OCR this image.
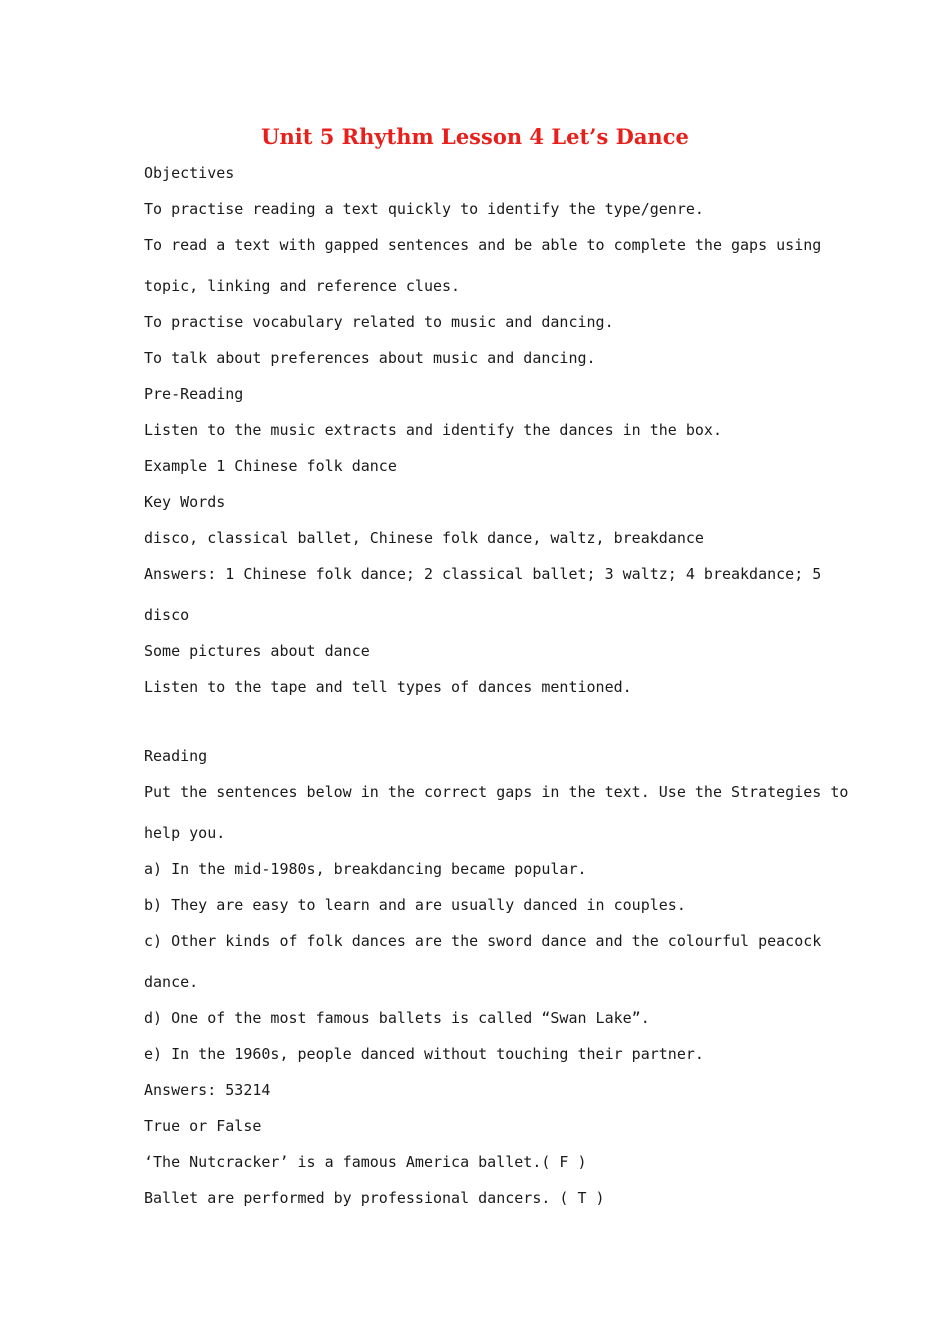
Unit 5 Rhythm Lesson 4 Let’s Dance
Objectives
To practise reading a text quickly to identify the type/genre.
To read a text with gapped sentences and be able to complete the gaps using
topic, linking and reference clues.
To practise vocabulary related to music and dancing.
To talk about preferences about music and dancing.
Pre-Reading
Listen to the music extracts and identify the dances in the box.
Example 1 Chinese folk dance
Key Words
disco, classical ballet, Chinese folk dance, waltz, breakdance
Answers: 1 Chinese folk dance; 2 classical ballet; 3 waltz; 4 breakdance; 5
disco
Some pictures about dance
Listen to the tape and tell types of dances mentioned.
Reading
Put the sentences below in the correct gaps in the text. Use the Strategies to
help you.
a) In the mid-1980s, breakdancing became popular.
b) They are easy to learn and are usually danced in couples.
c) Other kinds of folk dances are the sword dance and the colourful peacock
dance.
d) One of the most famous ballets is called “Swan Lake”.
e) In the 1960s, people danced without touching their partner.
Answers: 53214
True or False
‘The Nutcracker’ is a famous America ballet.( F )
Ballet are performed by professional dancers. ( T )
